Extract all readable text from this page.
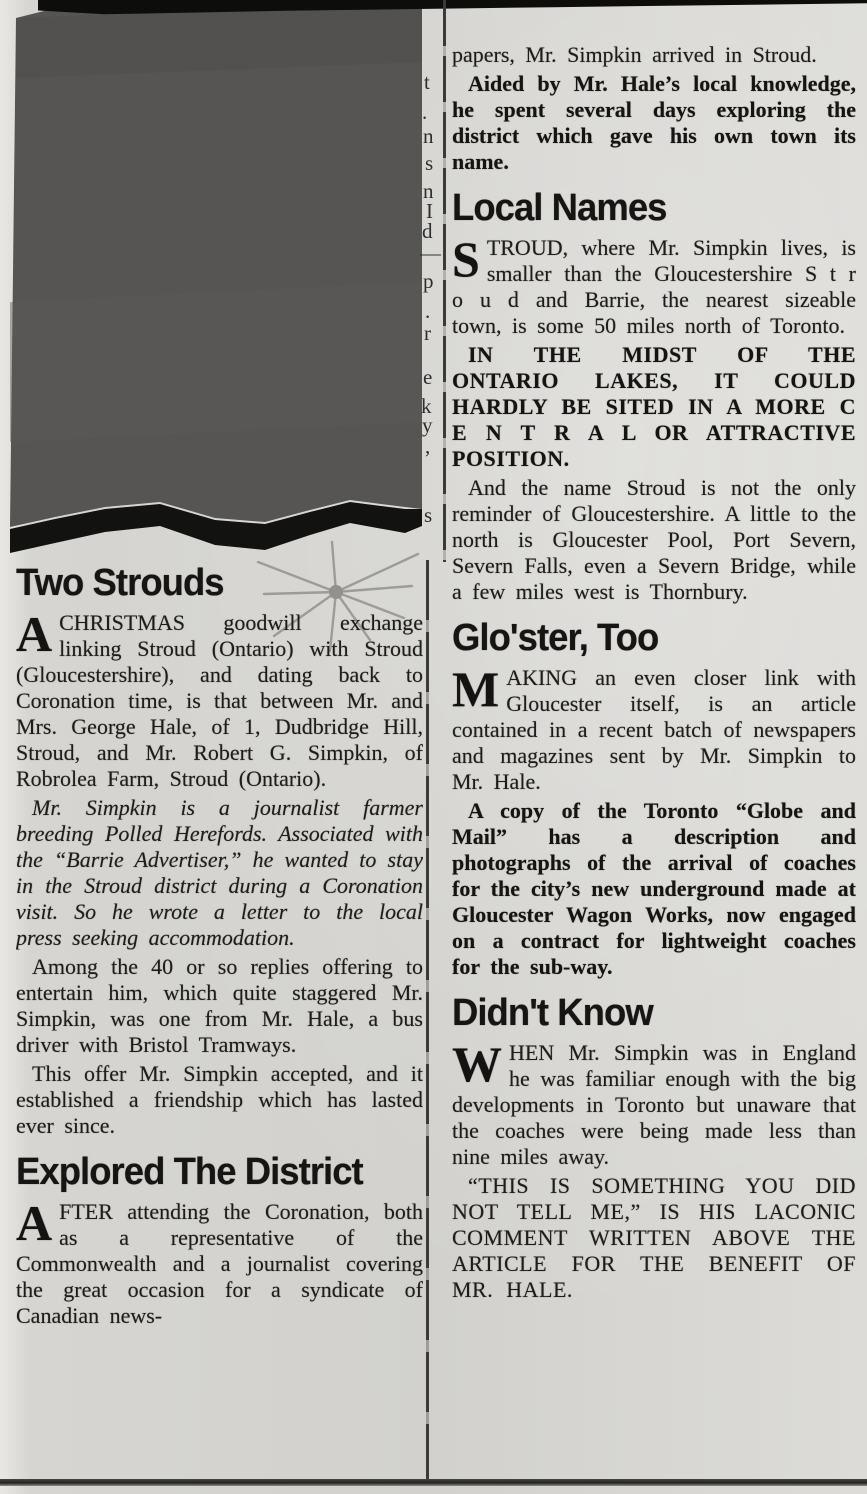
t
.
n
s
n
I
d
—
p
.
r
e
k
y
,
s
Two Strouds

ACHRISTMAS goodwill exchange linking Stroud (Ontario) with Stroud (Gloucestershire), and dating back to Coronation time, is that between Mr. and Mrs. George Hale, of 1, Dudbridge Hill, Stroud, and Mr. Robert G. Simpkin, of Robrolea Farm, Stroud (Ontario).

Mr. Simpkin is a journalist farmer breeding Polled Herefords. Associated with the “Barrie Advertiser,” he wanted to stay in the Stroud district during a Coronation visit. So he wrote a letter to the local press seeking accommodation.

Among the 40 or so replies offering to entertain him, which quite staggered Mr. Simpkin, was one from Mr. Hale, a bus driver with Bristol Tramways.

This offer Mr. Simpkin accepted, and it established a friendship which has lasted ever since.

Explored The District

AFTER attending the Coronation, both as a representative of the Commonwealth and a journalist covering the great occasion for a syndicate of Canadian news-

papers, Mr. Simpkin arrived in Stroud.

Aided by Mr. Hale’s local knowledge, he spent several days exploring the district which gave his own town its name.

Local Names

STROUD, where Mr. Simpkin lives, is smaller than the Gloucestershire S t r o u d and Barrie, the nearest sizeable town, is some 50 miles north of Toronto.

IN THE MIDST OF THE ONTARIO LAKES, IT COULD HARDLY BE SITED IN A MORE C E N T R A L OR ATTRACTIVE POSITION.

And the name Stroud is not the only reminder of Gloucestershire. A little to the north is Gloucester Pool, Port Severn, Severn Falls, even a Severn Bridge, while a few miles west is Thornbury.

Glo'ster, Too

MAKING an even closer link with Gloucester itself, is an article contained in a recent batch of newspapers and magazines sent by Mr. Simpkin to Mr. Hale.

A copy of the Toronto “Globe and Mail” has a description and photographs of the arrival of coaches for the city’s new underground made at Gloucester Wagon Works, now engaged on a contract for lightweight coaches for the sub-way.

Didn't Know

WHEN Mr. Simpkin was in England he was familiar enough with the big developments in Toronto but unaware that the coaches were being made less than nine miles away.

“THIS IS SOMETHING YOU DID NOT TELL ME,” IS HIS LACONIC COMMENT WRITTEN ABOVE THE ARTICLE FOR THE BENEFIT OF MR. HALE.
